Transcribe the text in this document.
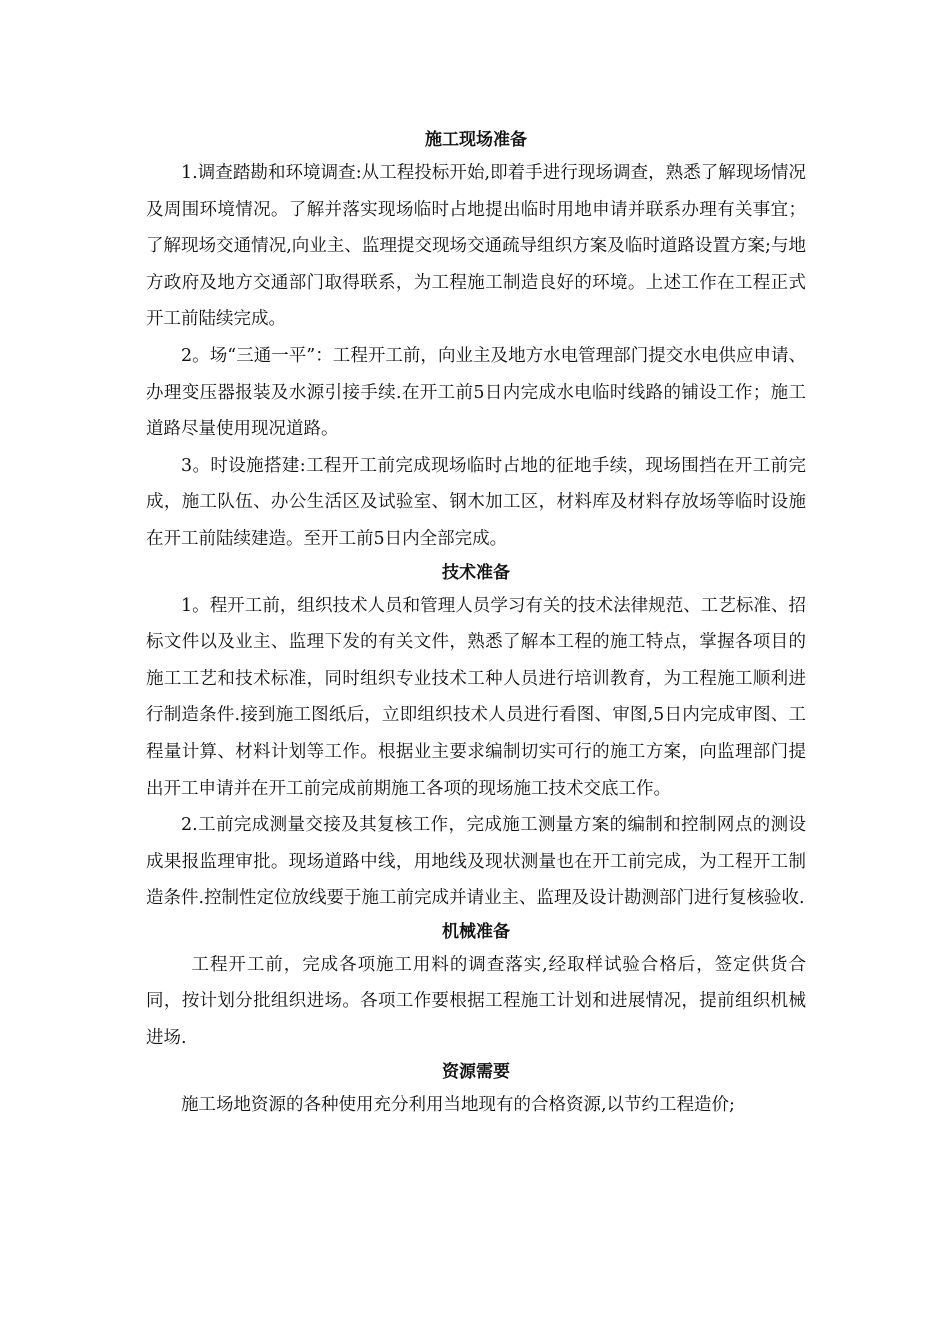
施工现场准备

1.调查踏勘和环境调查:从工程投标开始,即着手进行现场调查，熟悉了解现场情况及周围环境情况。了解并落实现场临时占地提出临时用地申请并联系办理有关事宜；了解现场交通情况,向业主、监理提交现场交通疏导组织方案及临时道路设置方案;与地方政府及地方交通部门取得联系，为工程施工制造良好的环境。上述工作在工程正式开工前陆续完成。

2。场“三通一平”：工程开工前，向业主及地方水电管理部门提交水电供应申请、办理变压器报装及水源引接手续.在开工前5日内完成水电临时线路的铺设工作；施工道路尽量使用现况道路。

3。时设施搭建:工程开工前完成现场临时占地的征地手续，现场围挡在开工前完成，施工队伍、办公生活区及试验室、钢木加工区，材料库及材料存放场等临时设施在开工前陆续建造。至开工前5日内全部完成。

技术准备

1。程开工前，组织技术人员和管理人员学习有关的技术法律规范、工艺标准、招标文件以及业主、监理下发的有关文件，熟悉了解本工程的施工特点，掌握各项目的施工工艺和技术标准，同时组织专业技术工种人员进行培训教育，为工程施工顺利进行制造条件.接到施工图纸后，立即组织技术人员进行看图、审图,5日内完成审图、工程量计算、材料计划等工作。根据业主要求编制切实可行的施工方案，向监理部门提出开工申请并在开工前完成前期施工各项的现场施工技术交底工作。

2.工前完成测量交接及其复核工作，完成施工测量方案的编制和控制网点的测设成果报监理审批。现场道路中线，用地线及现状测量也在开工前完成，为工程开工制造条件.控制性定位放线要于施工前完成并请业主、监理及设计勘测部门进行复核验收.

机械准备

工程开工前，完成各项施工用料的调查落实,经取样试验合格后，签定供货合同，按计划分批组织进场。各项工作要根据工程施工计划和进展情况，提前组织机械进场.

资源需要

施工场地资源的各种使用充分利用当地现有的合格资源,以节约工程造价;
